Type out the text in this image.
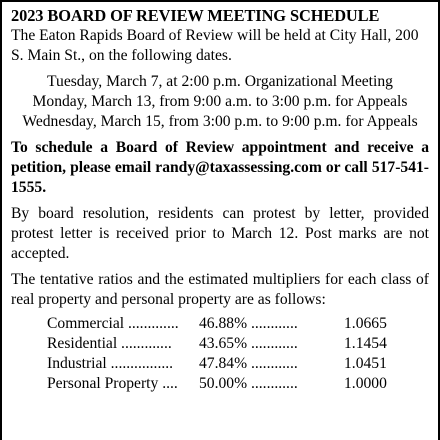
2023 BOARD OF REVIEW MEETING SCHEDULE

The Eaton Rapids Board of Review will be held at City Hall, 200 S. Main St., on the following dates.

Tuesday, March 7, at 2:00 p.m. Organizational Meeting
Monday, March 13, from 9:00 a.m. to 3:00 p.m. for Appeals
Wednesday, March 15, from 3:00 p.m. to 9:00 p.m. for Appeals

To schedule a Board of Review appointment and receive a petition, please email randy@taxassessing.com or call 517-541-1555.

By board resolution, residents can protest by letter, provided protest letter is received prior to March 12. Post marks are not accepted.

The tentative ratios and the estimated multipliers for each class of real property and personal property are as follows:

Commercial .............	46.88% ............	1.0665
Residential .............	43.65% ............	1.1454
Industrial ................	47.84% ............	1.0451
Personal Property ....	50.00% ............	1.0000
